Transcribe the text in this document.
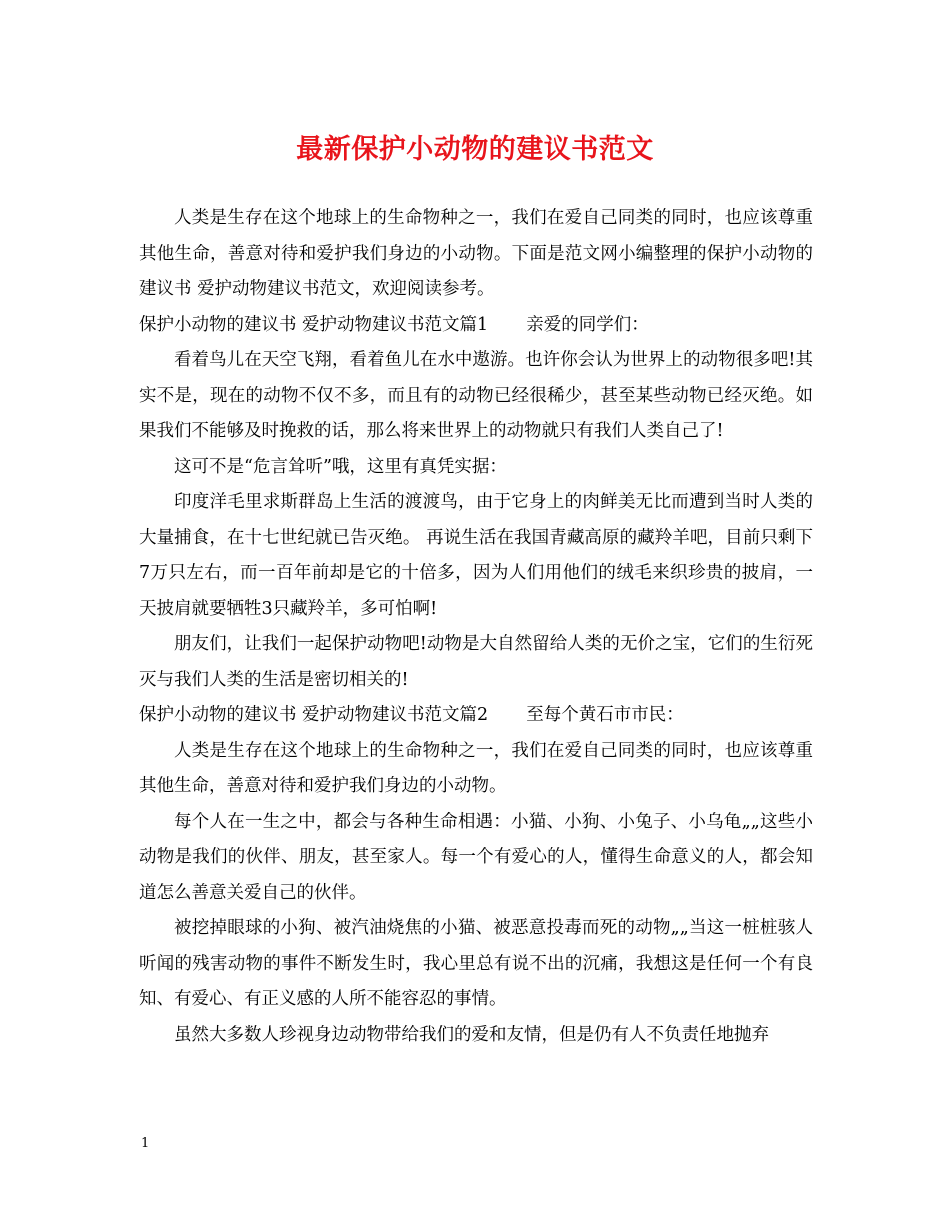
最新保护小动物的建议书范文

人类是生存在这个地球上的生命物种之一，我们在爱自己同类的同时，也应该尊重其他生命，善意对待和爱护我们身边的小动物。下面是范文网小编整理的保护小动物的建议书 爱护动物建议书范文，欢迎阅读参考。

保护小动物的建议书 爱护动物建议书范文篇1 亲爱的同学们：

看着鸟儿在天空飞翔，看着鱼儿在水中遨游。也许你会认为世界上的动物很多吧!其实不是，现在的动物不仅不多，而且有的动物已经很稀少，甚至某些动物已经灭绝。如果我们不能够及时挽救的话，那么将来世界上的动物就只有我们人类自己了!

这可不是“危言耸听”哦，这里有真凭实据：

印度洋毛里求斯群岛上生活的渡渡鸟，由于它身上的肉鲜美无比而遭到当时人类的大量捕食，在十七世纪就已告灭绝。 再说生活在我国青藏高原的藏羚羊吧，目前只剩下7万只左右，而一百年前却是它的十倍多，因为人们用他们的绒毛来织珍贵的披肩，一天披肩就要牺牲3只藏羚羊，多可怕啊!

朋友们，让我们一起保护动物吧!动物是大自然留给人类的无价之宝，它们的生衍死灭与我们人类的生活是密切相关的!

保护小动物的建议书 爱护动物建议书范文篇2 至每个黄石市市民：

人类是生存在这个地球上的生命物种之一，我们在爱自己同类的同时，也应该尊重其他生命，善意对待和爱护我们身边的小动物。

每个人在一生之中，都会与各种生命相遇：小猫、小狗、小兔子、小乌龟„„这些小动物是我们的伙伴、朋友，甚至家人。每一个有爱心的人，懂得生命意义的人，都会知道怎么善意关爱自己的伙伴。

被挖掉眼球的小狗、被汽油烧焦的小猫、被恶意投毒而死的动物„„当这一桩桩骇人听闻的残害动物的事件不断发生时，我心里总有说不出的沉痛，我想这是任何一个有良知、有爱心、有正义感的人所不能容忍的事情。

虽然大多数人珍视身边动物带给我们的爱和友情，但是仍有人不负责任地抛弃

1
